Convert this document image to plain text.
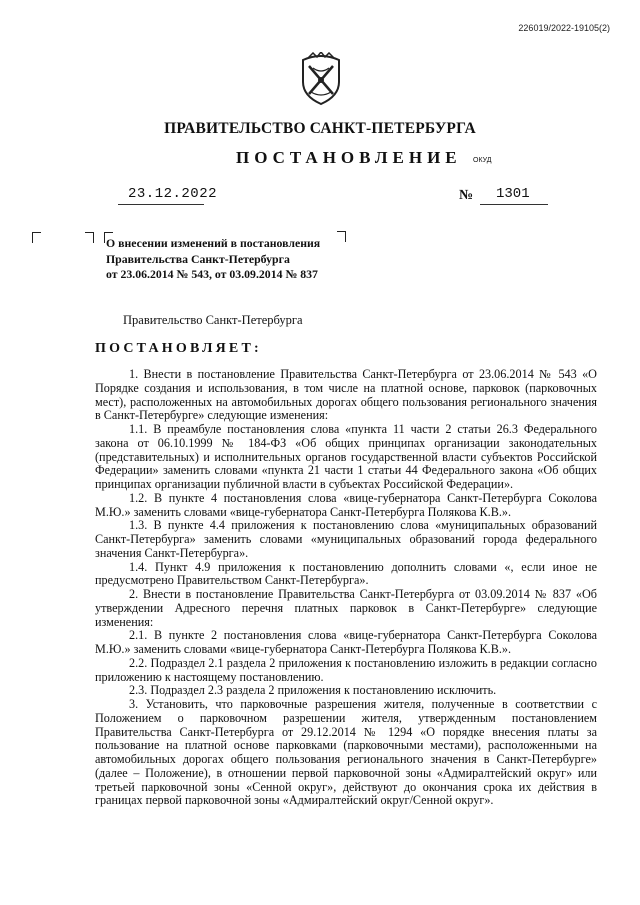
226019/2022-19105(2)
ПРАВИТЕЛЬСТВО САНКТ-ПЕТЕРБУРГА
ПОСТАНОВЛЕНИЕ ОКУД
23.12.2022	№ 1301
О внесении изменений в постановления
Правительства Санкт-Петербурга
от 23.06.2014 № 543, от 03.09.2014 № 837
Правительство Санкт-Петербурга
ПОСТАНОВЛЯЕТ:

1. Внести в постановление Правительства Санкт-Петербурга от 23.06.2014 № 543 «О Порядке создания и использования, в том числе на платной основе, парковок (парковочных мест), расположенных на автомобильных дорогах общего пользования регионального значения в Санкт-Петербурге» следующие изменения:

1.1. В преамбуле постановления слова «пункта 11 части 2 статьи 26.3 Федерального закона от 06.10.1999 № 184-ФЗ «Об общих принципах организации законодательных (представительных) и исполнительных органов государственной власти субъектов Российской Федерации» заменить словами «пункта 21 части 1 статьи 44 Федерального закона «Об общих принципах организации публичной власти в субъектах Российской Федерации».

1.2. В пункте 4 постановления слова «вице-губернатора Санкт-Петербурга Соколова М.Ю.» заменить словами «вице-губернатора Санкт-Петербурга Полякова К.В.».

1.3. В пункте 4.4 приложения к постановлению слова «муниципальных образований Санкт-Петербурга» заменить словами «муниципальных образований города федерального значения Санкт-Петербурга».

1.4. Пункт 4.9 приложения к постановлению дополнить словами «, если иное не предусмотрено Правительством Санкт-Петербурга».

2. Внести в постановление Правительства Санкт-Петербурга от 03.09.2014 № 837 «Об утверждении Адресного перечня платных парковок в Санкт-Петербурге» следующие изменения:

2.1. В пункте 2 постановления слова «вице-губернатора Санкт-Петербурга Соколова М.Ю.» заменить словами «вице-губернатора Санкт-Петербурга Полякова К.В.».

2.2. Подраздел 2.1 раздела 2 приложения к постановлению изложить в редакции согласно приложению к настоящему постановлению.

2.3. Подраздел 2.3 раздела 2 приложения к постановлению исключить.

3. Установить, что парковочные разрешения жителя, полученные в соответствии с Положением о парковочном разрешении жителя, утвержденным постановлением Правительства Санкт-Петербурга от 29.12.2014 № 1294 «О порядке внесения платы за пользование на платной основе парковками (парковочными местами), расположенными на автомобильных дорогах общего пользования регионального значения в Санкт-Петербурге» (далее – Положение), в отношении первой парковочной зоны «Адмиралтейский округ» или третьей парковочной зоны «Сенной округ», действуют до окончания срока их действия в границах первой парковочной зоны «Адмиралтейский округ/Сенной округ».
